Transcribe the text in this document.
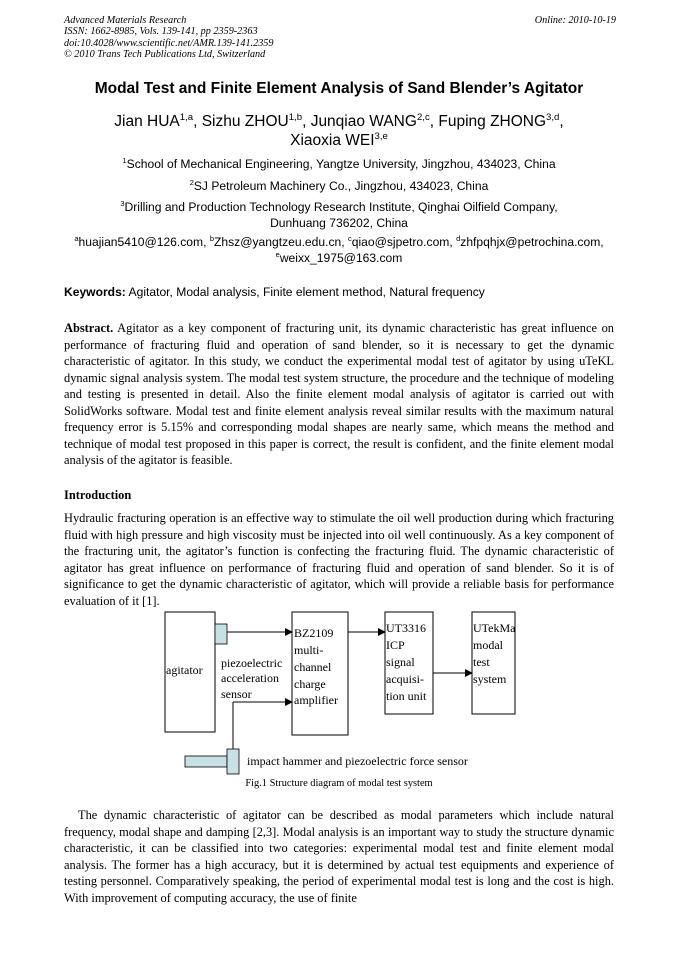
Advanced Materials Research
ISSN: 1662-8985, Vols. 139-141, pp 2359-2363
doi:10.4028/www.scientific.net/AMR.139-141.2359
© 2010 Trans Tech Publications Ltd, Switzerland
Online: 2010-10-19
Modal Test and Finite Element Analysis of Sand Blender’s Agitator
Jian HUA$^{1,a}$, Sizhu ZHOU$^{1,b}$, Junqiao WANG$^{2,c}$, Fuping ZHONG$^{3,d}$,
Xiaoxia WEI$^{3,e}$
$^1$School of Mechanical Engineering, Yangtze University, Jingzhou, 434023, China
$^2$SJ Petroleum Machinery Co., Jingzhou, 434023, China
$^3$Drilling and Production Technology Research Institute, Qinghai Oilfield Company,
Dunhuang 736202, China
$^a$huajian5410@126.com, $^b$Zhsz@yangtzeu.edu.cn, $^c$qiao@sjpetro.com, $^d$zhfpqhjx@petrochina.com,
$^e$weixx_1975@163.com
Keywords: Agitator, Modal analysis, Finite element method, Natural frequency
Abstract. Agitator as a key component of fracturing unit, its dynamic characteristic has great influence on performance of fracturing fluid and operation of sand blender, so it is necessary to get the dynamic characteristic of agitator. In this study, we conduct the experimental modal test of agitator by using uTeKL dynamic signal analysis system. The modal test system structure, the procedure and the technique of modeling and testing is presented in detail. Also the finite element modal analysis of agitator is carried out with SolidWorks software. Modal test and finite element analysis reveal similar results with the maximum natural frequency error is 5.15% and corresponding modal shapes are nearly same, which means the method and technique of modal test proposed in this paper is correct, the result is confident, and the finite element modal analysis of the agitator is feasible.
Introduction
Hydraulic fracturing operation is an effective way to stimulate the oil well production during which fracturing fluid with high pressure and high viscosity must be injected into oil well continuously. As a key component of the fracturing unit, the agitator’s function is confecting the fracturing fluid. The dynamic characteristic of agitator has great influence on performance of fracturing fluid and operation of sand blender. So it is of significance to get the dynamic characteristic of agitator, which will provide a reliable basis for performance evaluation of it [1].
agitator piezoelectric
acceleration
sensor
BZ2109
multi-
channel
charge
amplifier
UT3316
ICP
signal
acquisi-
tion unit
UTekMa
modal
test
system
impact hammer and piezoelectric force sensor
Fig.1 Structure diagram of modal test system
The dynamic characteristic of agitator can be described as modal parameters which include natural frequency, modal shape and damping [2,3]. Modal analysis is an important way to study the structure dynamic characteristic, it can be classified into two categories: experimental modal test and finite element modal analysis. The former has a high accuracy, but it is determined by actual test equipments and experience of testing personnel. Comparatively speaking, the period of experimental modal test is long and the cost is high. With improvement of computing accuracy, the use of finite
